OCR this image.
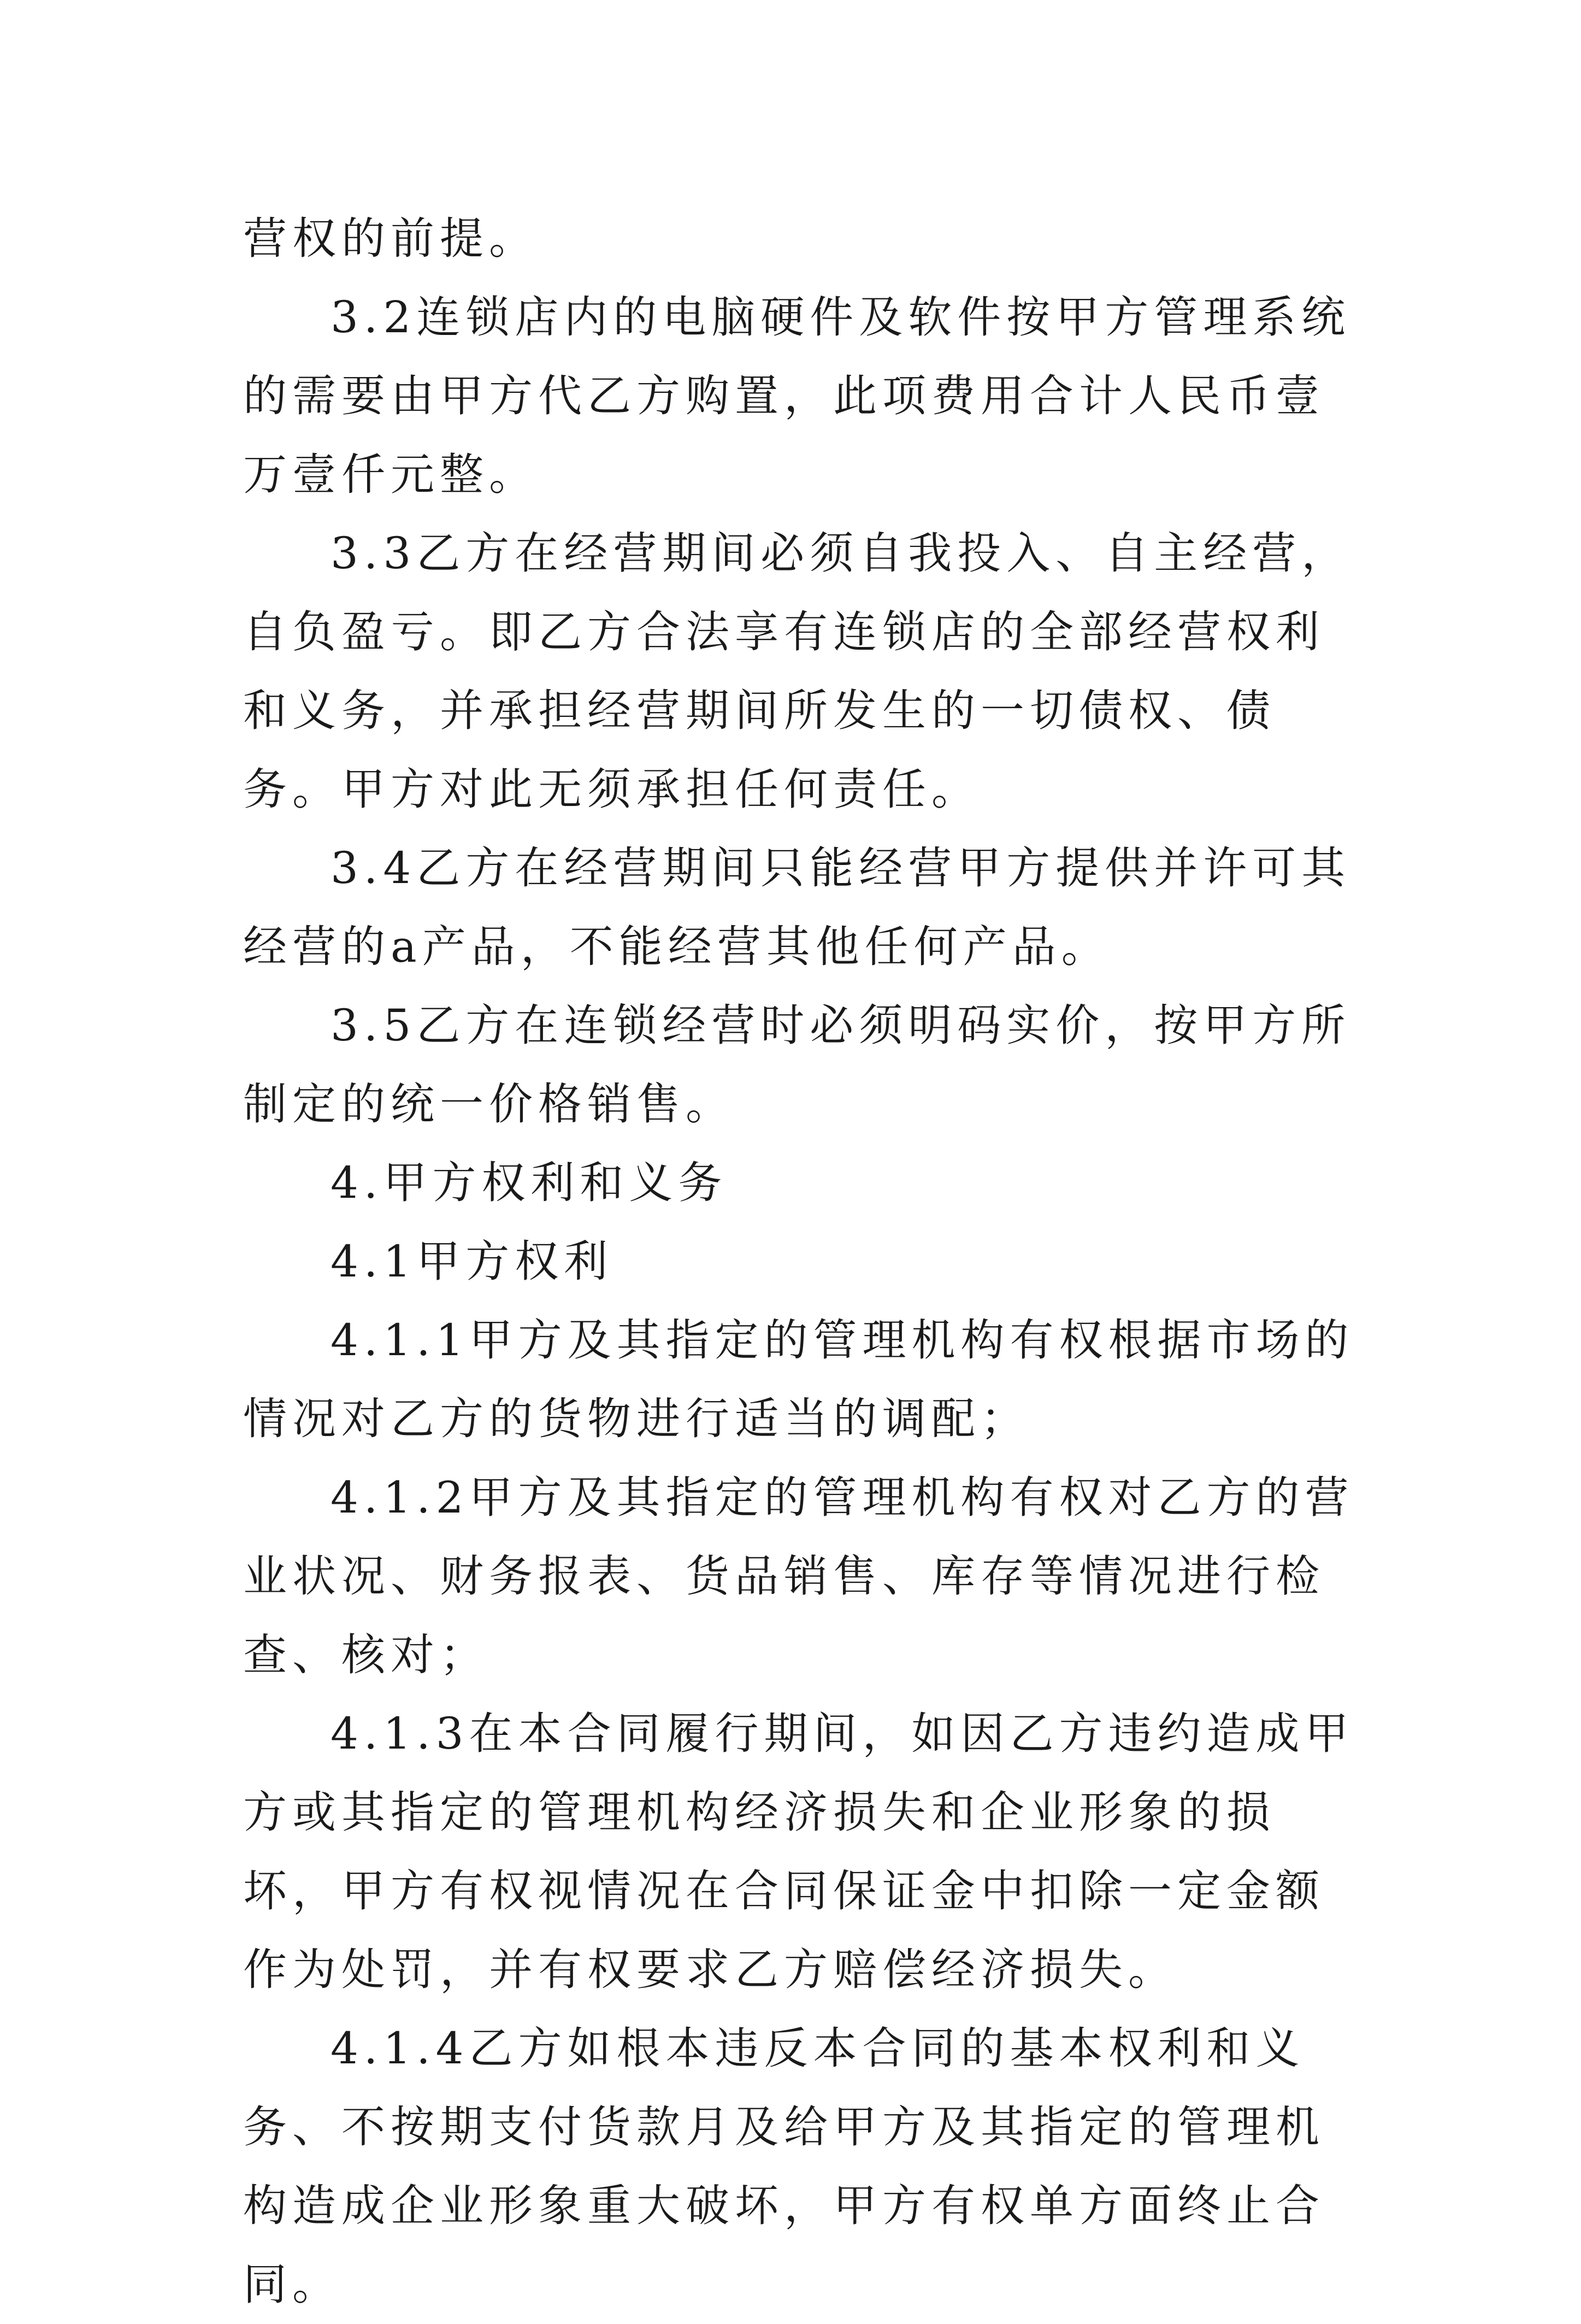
营权的前提。

3.2连锁店内的电脑硬件及软件按甲方管理系统的需要由甲方代乙方购置，此项费用合计人民币壹万壹仟元整。

3.3乙方在经营期间必须自我投入、自主经营，自负盈亏。即乙方合法享有连锁店的全部经营权利和义务，并承担经营期间所发生的一切债权、债务。甲方对此无须承担任何责任。

3.4乙方在经营期间只能经营甲方提供并许可其经营的a产品，不能经营其他任何产品。

3.5乙方在连锁经营时必须明码实价，按甲方所制定的统一价格销售。

4.甲方权利和义务

4.1甲方权利

4.1.1甲方及其指定的管理机构有权根据市场的情况对乙方的货物进行适当的调配；

4.1.2甲方及其指定的管理机构有权对乙方的营业状况、财务报表、货品销售、库存等情况进行检查、核对；

4.1.3在本合同履行期间，如因乙方违约造成甲方或其指定的管理机构经济损失和企业形象的损坏，甲方有权视情况在合同保证金中扣除一定金额作为处罚，并有权要求乙方赔偿经济损失。

4.1.4乙方如根本违反本合同的基本权利和义务、不按期支付货款月及给甲方及其指定的管理机构造成企业形象重大破坏，甲方有权单方面终止合同。
